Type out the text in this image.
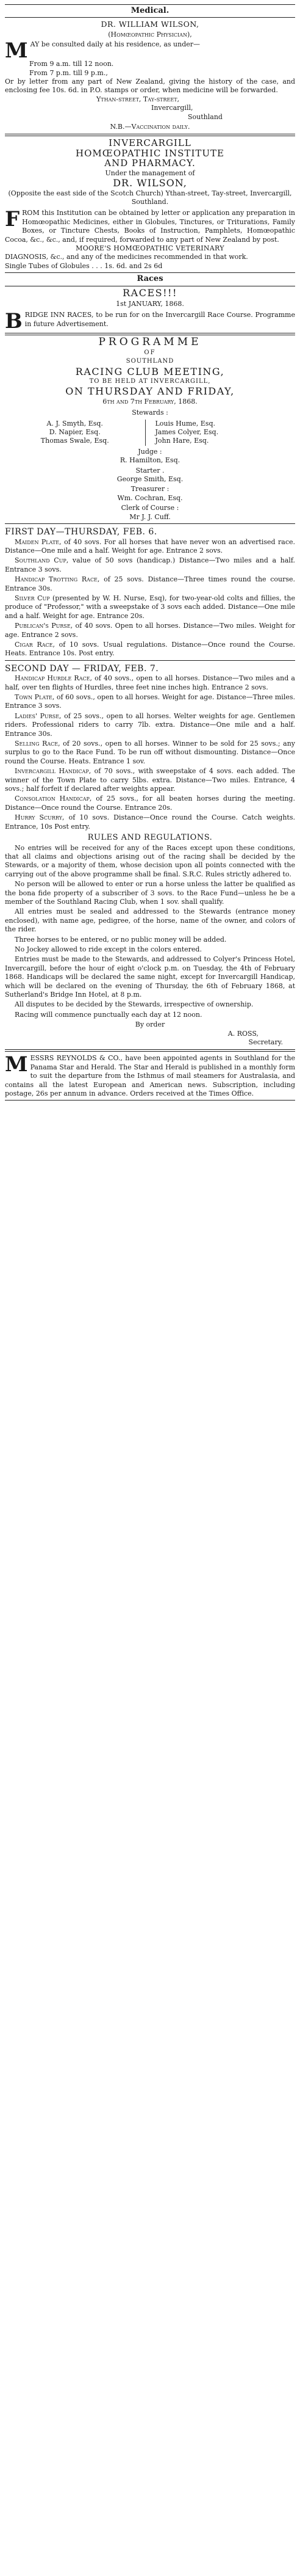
Medical.
DR. WILLIAM WILSON,
(Homœopathic Physician),

MAY be consulted daily at his residence, as under—

From 9 a.m. till 12 noon.
From 7 p.m. till 9 p.m.,

Or by letter from any part of New Zealand, giving the history of the case, and enclosing fee 10s. 6d. in P.O. stamps or order, when medicine will be forwarded.

Ythan-street, Tay-street,
Invercargill,
Southland
N.B.—Vaccination daily.
INVERCARGILL
HOMŒOPATHIC INSTITUTE
AND PHARMACY.
Under the management of
DR. WILSON,

(Opposite the east side of the Scotch Church) Ythan-street, Tay-street, Invercargill, Southland.

FROM this Institution can be obtained by letter or application any preparation in Homœopathic Medicines, either in Globules, Tinctures, or Triturations, Family Boxes, or Tincture Chests, Books of Instruction, Pamphlets, Homœopathic Cocoa, &c., &c., and, if required, forwarded to any part of New Zealand by post.

MOORE'S HOMŒOPATHIC VETERINARY

DIAGNOSIS, &c., and any of the medicines recommended in that work.

Single Tubes of Globules . . . 1s. 6d. and 2s 6d
Races
RACES!!!
1st JANUARY, 1868.

BRIDGE INN RACES, to be run for on the Invercargill Race Course. Programme in future Advertisement.

PROGRAMME
OF
SOUTHLAND
RACING CLUB MEETING,
TO BE HELD AT INVERCARGILL,
ON THURSDAY AND FRIDAY,
6th and 7th February, 1868.
Stewards :
A. J. Smyth, Esq.
D. Napier, Esq.
Thomas Swale, Esq.
Louis Hume, Esq.
James Colyer, Esq.
John Hare, Esq.
Judge :
R. Hamilton, Esq.
Starter .
George Smith, Esq.
Treasurer :
Wm. Cochran, Esq.
Clerk of Course :
Mr J. J. Cuff.
FIRST DAY—THURSDAY, FEB. 6.

Maiden Plate, of 40 sovs. For all horses that have never won an advertised race. Distance—One mile and a half. Weight for age. Entrance 2 sovs.

Southland Cup, value of 50 sovs (handicap.) Distance—Two miles and a half. Entrance 3 sovs.

Handicap Trotting Race, of 25 sovs. Distance—Three times round the course. Entrance 30s.

Silver Cup (presented by W. H. Nurse, Esq), for two-year-old colts and fillies, the produce of "Professor," with a sweepstake of 3 sovs each added. Distance—One mile and a half. Weight for age. Entrance 20s.

Publican's Purse, of 40 sovs. Open to all horses. Distance—Two miles. Weight for age. Entrance 2 sovs.

Cigar Race, of 10 sovs. Usual regulations. Distance—Once round the Course. Heats. Entrance 10s. Post entry.

SECOND DAY — FRIDAY, FEB. 7.

Handicap Hurdle Race, of 40 sovs., open to all horses. Distance—Two miles and a half, over ten flights of Hurdles, three feet nine inches high. Entrance 2 sovs.

Town Plate, of 60 sovs., open to all horses. Weight for age. Distance—Three miles. Entrance 3 sovs.

Ladies' Purse, of 25 sovs., open to all horses. Welter weights for age. Gentlemen riders. Professional riders to carry 7lb. extra. Distance—One mile and a half. Entrance 30s.

Selling Race, of 20 sovs., open to all horses. Winner to be sold for 25 sovs.; any surplus to go to the Race Fund. To be run off without dismounting. Distance—Once round the Course. Heats. Entrance 1 sov.

Invercargill Handicap, of 70 sovs., with sweepstake of 4 sovs. each added. The winner of the Town Plate to carry 5lbs. extra. Distance—Two miles. Entrance, 4 sovs.; half forfeit if declared after weights appear.

Consolation Handicap, of 25 sovs., for all beaten horses during the meeting. Distance—Once round the Course. Entrance 20s.

Hurry Scurry, of 10 sovs. Distance—Once round the Course. Catch weights. Entrance, 10s Post entry.

RULES AND REGULATIONS.

No entries will be received for any of the Races except upon these conditions, that all claims and objections arising out of the racing shall be decided by the Stewards, or a majority of them, whose decision upon all points connected with the carrying out of the above programme shall be final. S.R.C. Rules strictly adhered to.

No person will be allowed to enter or run a horse unless the latter be qualified as the bona fide property of a subscriber of 3 sovs. to the Race Fund—unless he be a member of the Southland Racing Club, when 1 sov. shall qualify.

All entries must be sealed and addressed to the Stewards (entrance money enclosed), with name age, pedigree, of the horse, name of the owner, and colors of the rider.

Three horses to be entered, or no public money will be added.

No Jockey allowed to ride except in the colors entered.

Entries must be made to the Stewards, and addressed to Colyer's Princess Hotel, Invercargill, before the hour of eight o'clock p.m. on Tuesday, the 4th of February 1868. Handicaps will be declared the same night, except for Invercargill Handicap, which will be declared on the evening of Thursday, the 6th of February 1868, at Sutherland's Bridge Inn Hotel, at 8 p.m.

All disputes to be decided by the Stewards, irrespective of ownership.

Racing will commence punctually each day at 12 noon.

By order
A. ROSS,
Secretary.

MESSRS REYNOLDS & CO., have been appointed agents in Southland for the Panama Star and Herald. The Star and Herald is published in a monthly form to suit the departure from the Isthmus of mail steamers for Australasia, and contains all the latest European and American news. Subscription, including postage, 26s per annum in advance. Orders received at the Times Office.
